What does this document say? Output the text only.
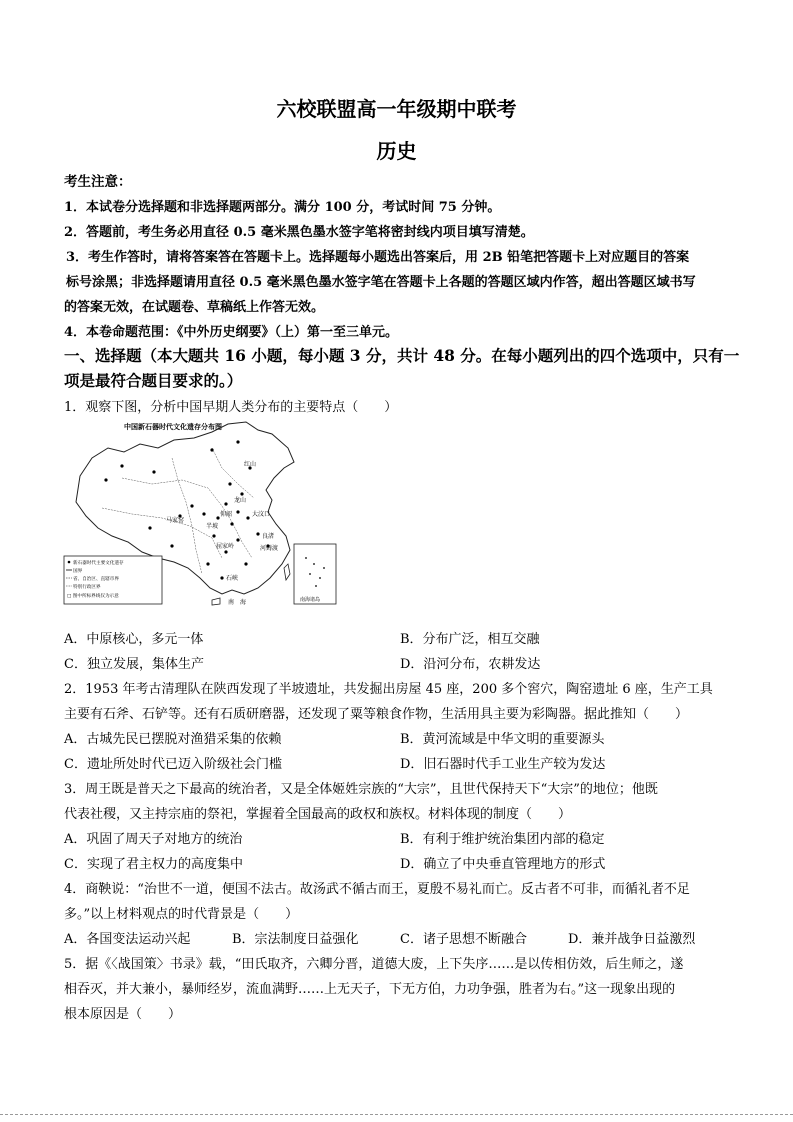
六校联盟高一年级期中联考
历史
考生注意：
1．本试卷分选择题和非选择题两部分。满分 100 分，考试时间 75 分钟。
2．答题前，考生务必用直径 0.5 毫米黑色墨水签字笔将密封线内项目填写清楚。
3．考生作答时，请将答案答在答题卡上。选择题每小题选出答案后，用 2B 铅笔把答题卡上对应题目的答案
标号涂黑；非选择题请用直径 0.5 毫米黑色墨水签字笔在答题卡上各题的答题区域内作答，超出答题区域书写
的答案无效，在试题卷、草稿纸上作答无效。
4．本卷命题范围：《中外历史纲要》（上）第一至三单元。
一、选择题（本大题共 16 小题，每小题 3 分，共计 48 分。在每小题列出的四个选项中，只有一
项是最符合题目要求的。）
1．观察下图，分析中国早期人类分布的主要特点（　　）
中国新石器时代文化遗存分布图
红山
大汶口
河姆渡
良渚
仰韶
龙山
半坡
马家窑
屈家岭
石峡
南　海
新石器时代主要文化遗存
国界
省、自治区、直辖市界
特别行政区界
□ 图中所标界线仅为示意
南海诸岛
A．中原核心，多元一体	B．分布广泛，相互交融
C．独立发展，集体生产	D．沿河分布，农耕发达
2．1953 年考古清理队在陕西发现了半坡遗址，共发掘出房屋 45 座，200 多个窖穴，陶窑遗址 6 座，生产工具
主要有石斧、石铲等。还有石质研磨器，还发现了粟等粮食作物，生活用具主要为彩陶器。据此推知（　　）
A．古城先民已摆脱对渔猎采集的依赖	B．黄河流域是中华文明的重要源头
C．遗址所处时代已迈入阶级社会门槛	D．旧石器时代手工业生产较为发达
3．周王既是普天之下最高的统治者，又是全体姬姓宗族的“大宗”，且世代保持天下“大宗”的地位；他既
代表社稷，又主持宗庙的祭祀，掌握着全国最高的政权和族权。材料体现的制度（　　）
A．巩固了周天子对地方的统治	B．有利于维护统治集团内部的稳定
C．实现了君主权力的高度集中	D．确立了中央垂直管理地方的形式
4．商鞅说：“治世不一道，便国不法古。故汤武不循古而王，夏殷不易礼而亡。反古者不可非，而循礼者不足
多。”以上材料观点的时代背景是（　　）
A．各国变法运动兴起	B．宗法制度日益强化	C．诸子思想不断融合	D．兼并战争日益激烈
5．据《〈战国策〉书录》载，“田氏取齐，六卿分晋，道德大废，上下失序……是以传相仿效，后生师之，遂
相吞灭，并大兼小，暴师经岁，流血满野……上无天子，下无方伯，力功争强，胜者为右。”这一现象出现的
根本原因是（　　）
